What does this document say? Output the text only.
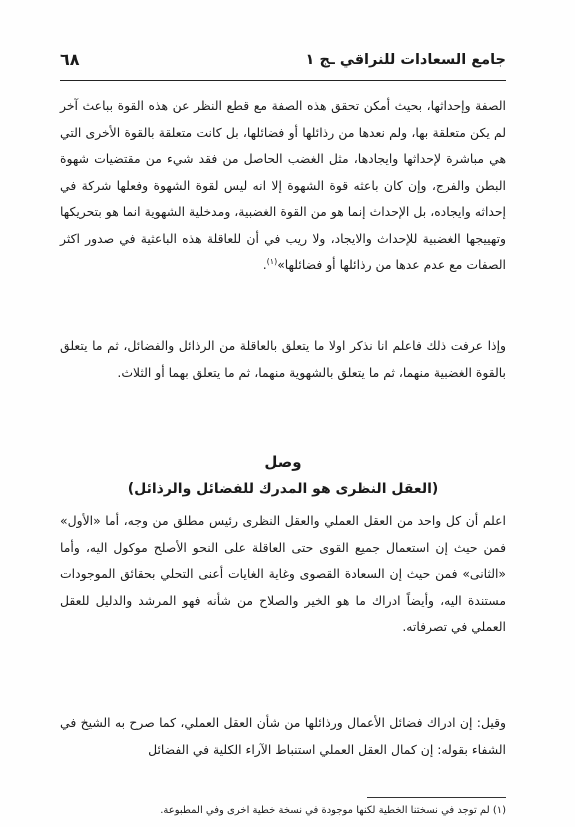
جامع السعادات للنراقي ـج ١
٦٨

الصفة وإحداثها، بحيث أمكن تحقق هذه الصفة مع قطع النظر عن هذه القوة بباعث آخر لم يكن متعلقة بها، ولم نعدها من رذائلها أو فضائلها، بل كانت متعلقة بالقوة الأخرى التي هي مباشرة لإحداثها وايجادها، مثل الغضب الحاصل من فقد شيء من مقتضيات شهوة البطن والفرج، وإن كان باعثه قوة الشهوة إلا انه ليس لقوة الشهوة وفعلها شركة في إحداثه وايجاده، بل الإحداث إنما هو من القوة الغضبية، ومدخلية الشهوية انما هو بتحريكها وتهييجها الغضبية للإحداث والايجاد، ولا ريب في أن للعاقلة هذه الباعثية في صدور اكثر الصفات مع عدم عدها من رذائلها أو فضائلها»$^{(١)}$.

وإذا عرفت ذلك فاعلم انا نذكر اولا ما يتعلق بالعاقلة من الرذائل والفضائل، ثم ما يتعلق بالقوة الغضبية منهما، ثم ما يتعلق بالشهوية منهما، ثم ما يتعلق بهما أو الثلاث.

وصل
(العقل النظرى هو المدرك للفضائل والرذائل)

اعلم أن كل واحد من العقل العملي والعقل النظرى رئيس مطلق من وجه، أما «الأول» فمن حيث إن استعمال جميع القوى حتى العاقلة على النحو الأصلح موكول اليه، وأما «الثانى» فمن حيث إن السعادة القصوى وغاية الغايات أعنى التحلي بحقائق الموجودات مستندة اليه، وأيضاً ادراك ما هو الخير والصلاح من شأنه فهو المرشد والدليل للعقل العملي في تصرفاته.

وقيل: إن ادراك فضائل الأعمال ورذائلها من شأن العقل العملي، كما صرح به الشيخ في الشفاء بقوله: إن كمال العقل العملي استنباط الآراء الكلية في الفضائل

(١) لم توجد في نسختنا الخطية لكنها موجودة في نسخة خطية اخرى وفي المطبوعة.
